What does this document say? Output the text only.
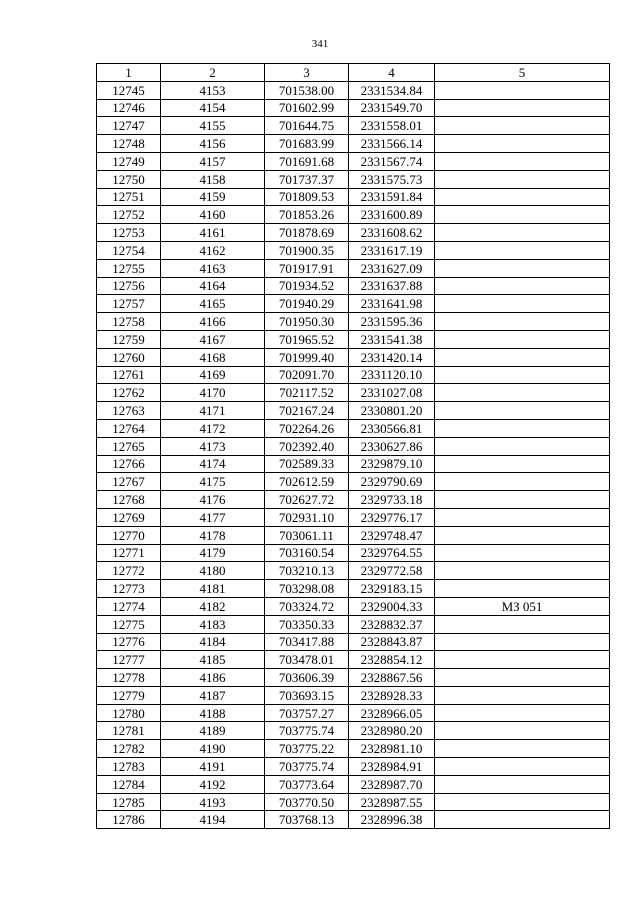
341
1	2	3	4	5
12745	4153	701538.00	2331534.84	
12746	4154	701602.99	2331549.70	
12747	4155	701644.75	2331558.01	
12748	4156	701683.99	2331566.14	
12749	4157	701691.68	2331567.74	
12750	4158	701737.37	2331575.73	
12751	4159	701809.53	2331591.84	
12752	4160	701853.26	2331600.89	
12753	4161	701878.69	2331608.62	
12754	4162	701900.35	2331617.19	
12755	4163	701917.91	2331627.09	
12756	4164	701934.52	2331637.88	
12757	4165	701940.29	2331641.98	
12758	4166	701950.30	2331595.36	
12759	4167	701965.52	2331541.38	
12760	4168	701999.40	2331420.14	
12761	4169	702091.70	2331120.10	
12762	4170	702117.52	2331027.08	
12763	4171	702167.24	2330801.20	
12764	4172	702264.26	2330566.81	
12765	4173	702392.40	2330627.86	
12766	4174	702589.33	2329879.10	
12767	4175	702612.59	2329790.69	
12768	4176	702627.72	2329733.18	
12769	4177	702931.10	2329776.17	
12770	4178	703061.11	2329748.47	
12771	4179	703160.54	2329764.55	
12772	4180	703210.13	2329772.58	
12773	4181	703298.08	2329183.15	
12774	4182	703324.72	2329004.33	МЗ 051
12775	4183	703350.33	2328832.37	
12776	4184	703417.88	2328843.87	
12777	4185	703478.01	2328854.12	
12778	4186	703606.39	2328867.56	
12779	4187	703693.15	2328928.33	
12780	4188	703757.27	2328966.05	
12781	4189	703775.74	2328980.20	
12782	4190	703775.22	2328981.10	
12783	4191	703775.74	2328984.91	
12784	4192	703773.64	2328987.70	
12785	4193	703770.50	2328987.55	
12786	4194	703768.13	2328996.38	
